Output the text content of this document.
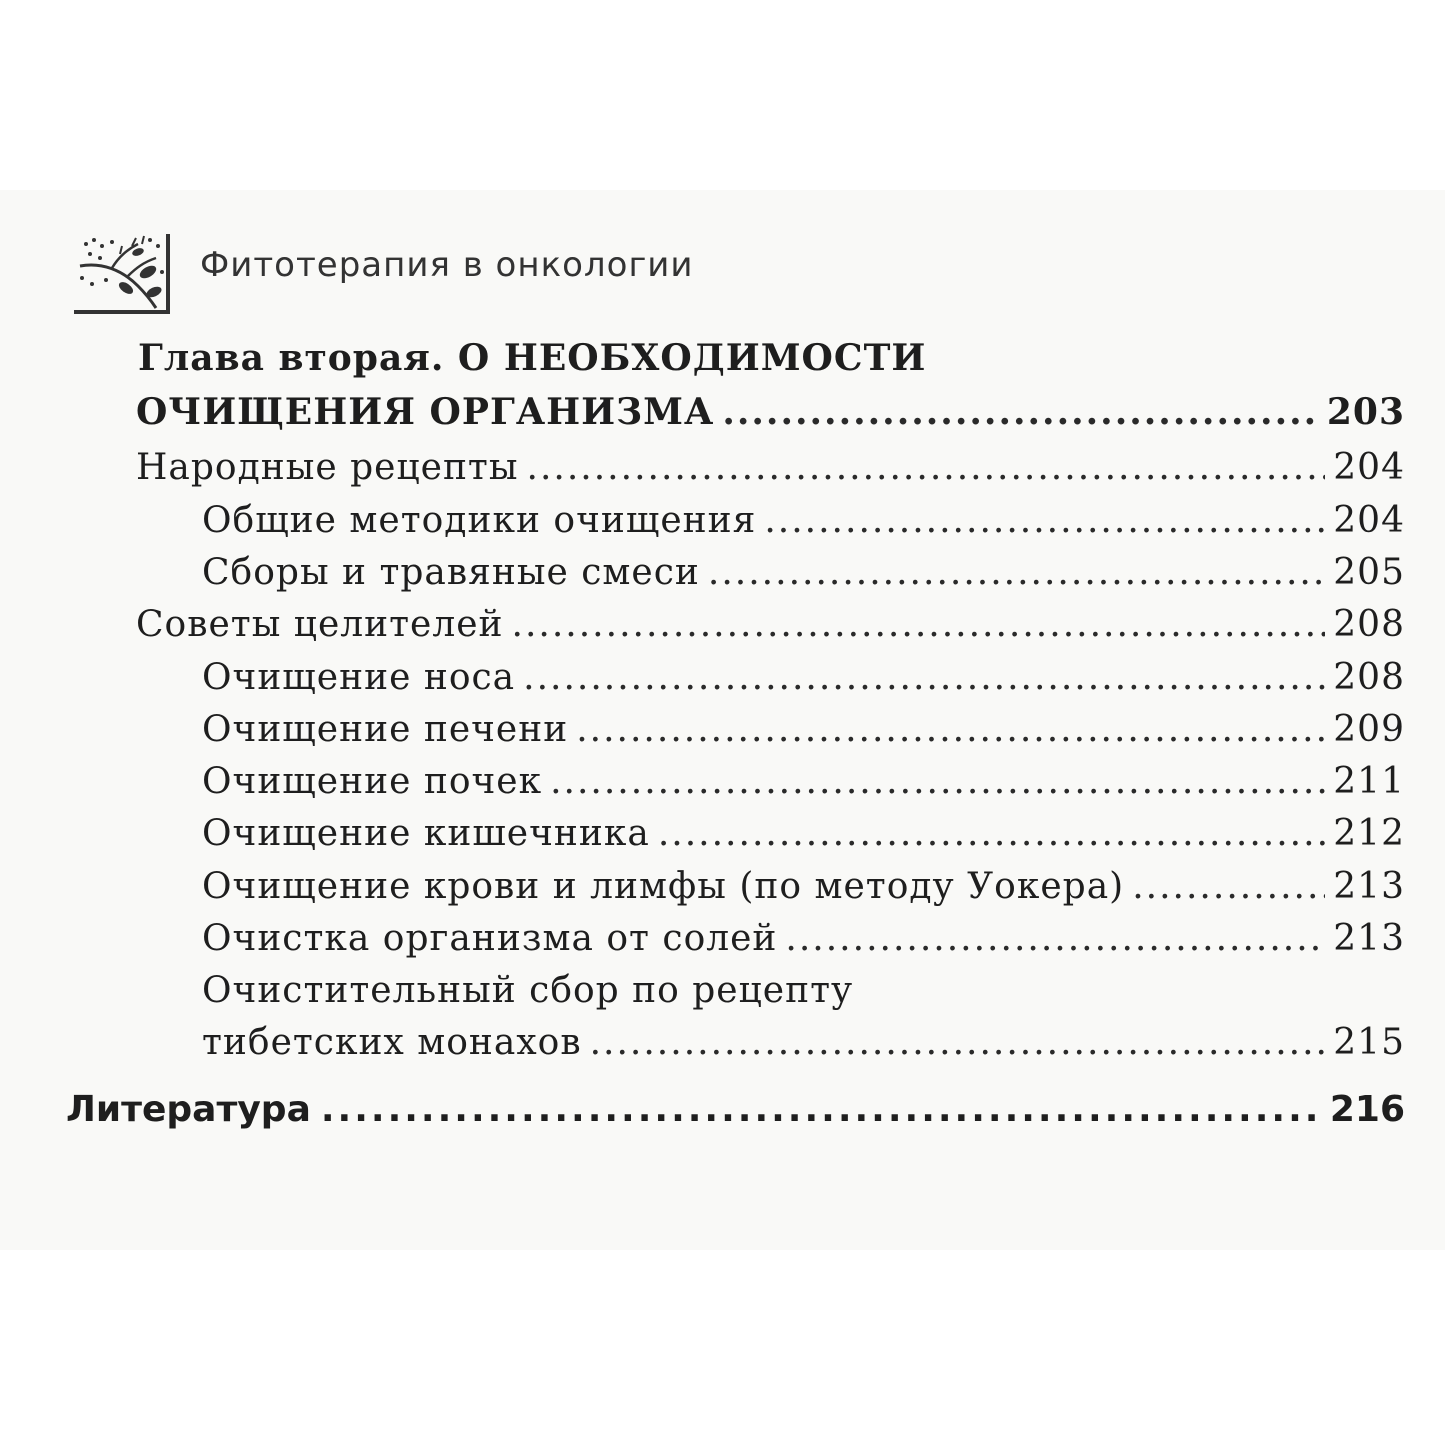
Фитотерапия в онкологии
Глава вторая. О НЕОБХОДИМОСТИ
ОЧИЩЕНИЯ ОРГАНИЗМА .....	203
Народные рецепты .....	204
Общие методики очищения .....	204
Сборы и травяные смеси .....	205
Советы целителей .....	208
Очищение носа .....	208
Очищение печени .....	209
Очищение почек .....	211
Очищение кишечника .....	212
Очищение крови и лимфы (по методу Уокера) .....	213
Очистка организма от солей .....	213
Очистительный сбор по рецепту
тибетских монахов .....	215
Литература .....	216
